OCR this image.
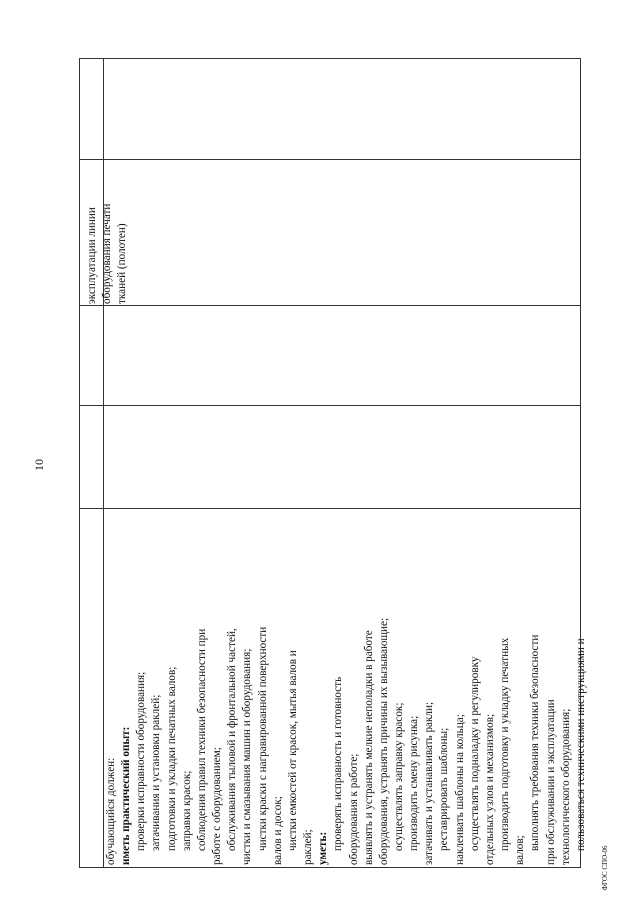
10
эксплуатации линии оборудования печати тканей (полотен)
обучающийся должен: иметь практический опыт: проверки исправности оборудования; затачивания и установки раклей; подготовки и укладки печатных валов; заправки красок; соблюдения правил техники безопасности при работе с оборудованием; обслуживания тыловой и фронтальной частей, чистки и смазывания машин и оборудования; чистки краски с награвированной поверхности валов и досок; чистки емкостей от красок, мытья валов и раклей; уметь: проверять исправность и готовность оборудования к работе; выявлять и устранять мелкие неполадки в работе оборудования, устранять причины их вызывающие; осуществлять заправку красок; производить смену рисунка; затачивать и устанавливать ракли; реставрировать шаблоны; наклеивать шаблоны на кольца; осуществлять подналадку и регулировку отдельных узлов и механизмов; производить подготовку и укладку печатных валов; выполнять требования техники безопасности при обслуживании и эксплуатации технологического оборудования; пользоваться техническими инструкциями и
ФГОС СПО-06
